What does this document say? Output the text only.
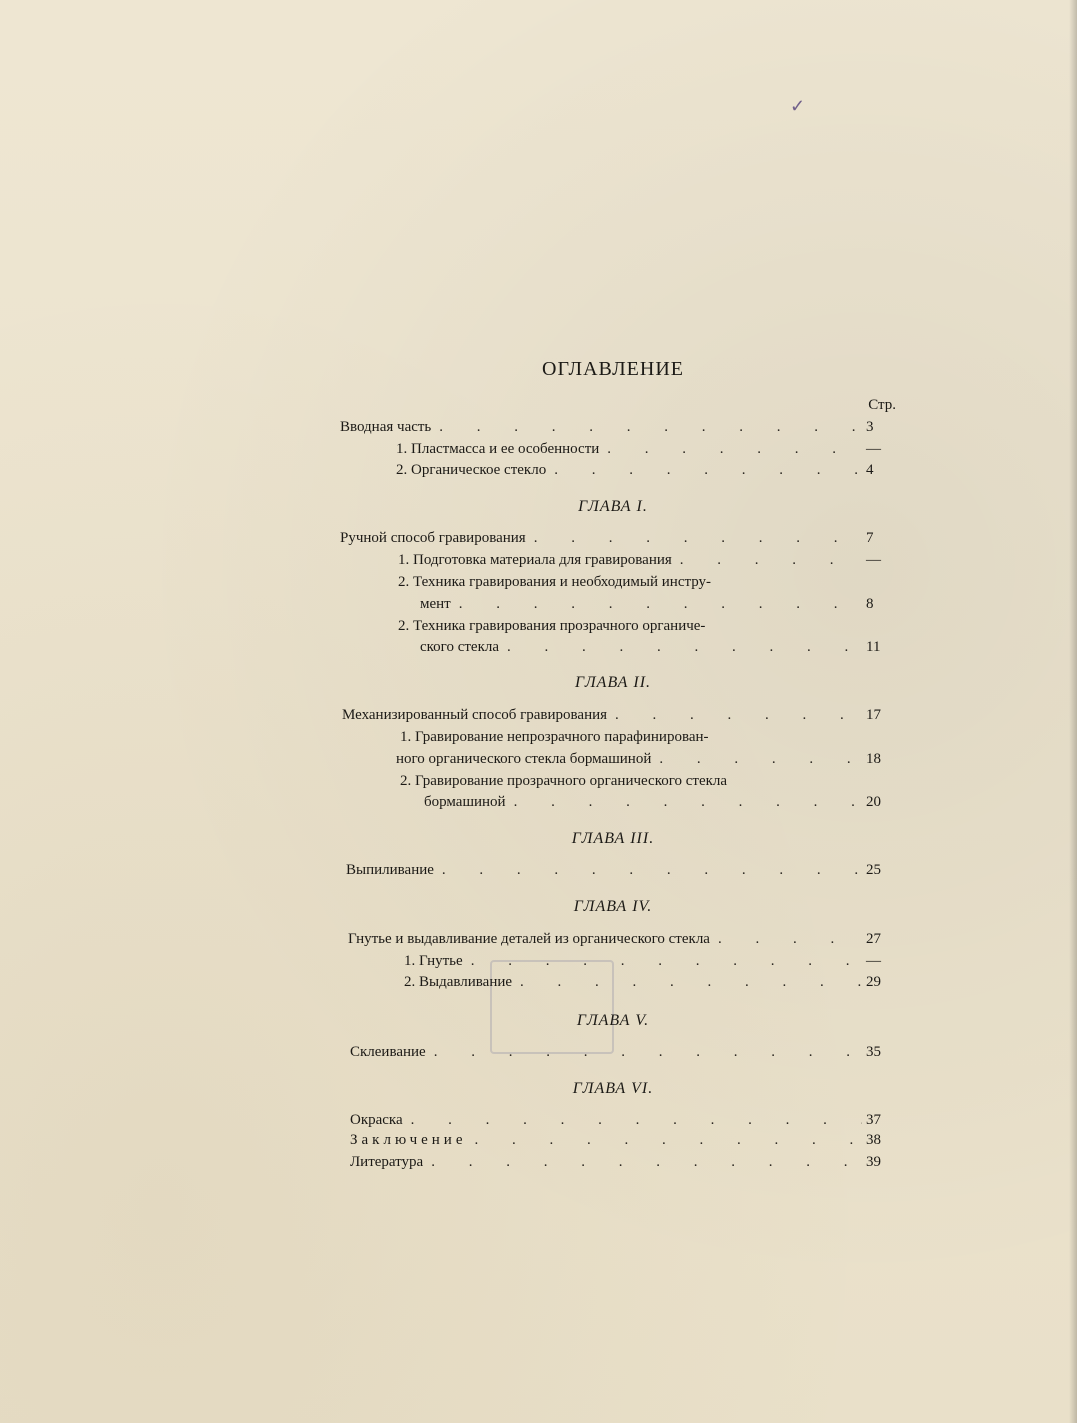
✓
ОГЛАВЛЕНИЕ
Стр.
Вводная часть . . .	3
1. Пластмасса и ее особенности . . .	—
2. Органическое стекло . . .	4
ГЛАВА I.
Ручной способ гравирования . . .	7
1. Подготовка материала для гравирования . . .	—
2. Техника гравирования и необходимый инстру-
мент . . .	8
2. Техника гравирования прозрачного органиче-
ского стекла . . .	11
ГЛАВА II.
Механизированный способ гравирования . . .	17
1. Гравирование непрозрачного парафинирован-
ного органического стекла бормашиной . . .	18
2. Гравирование прозрачного органического стекла
бормашиной . . .	20
ГЛАВА III.
Выпиливание . . .	25
ГЛАВА IV.
Гнутье и выдавливание деталей из органического стекла . . .	27
1. Гнутье . . .	—
2. Выдавливание . . .	29
ГЛАВА V.
Склеивание . . .	35
ГЛАВА VI.
Окраска . . .	37
Заключение . . .	38
Литература . . .	39
